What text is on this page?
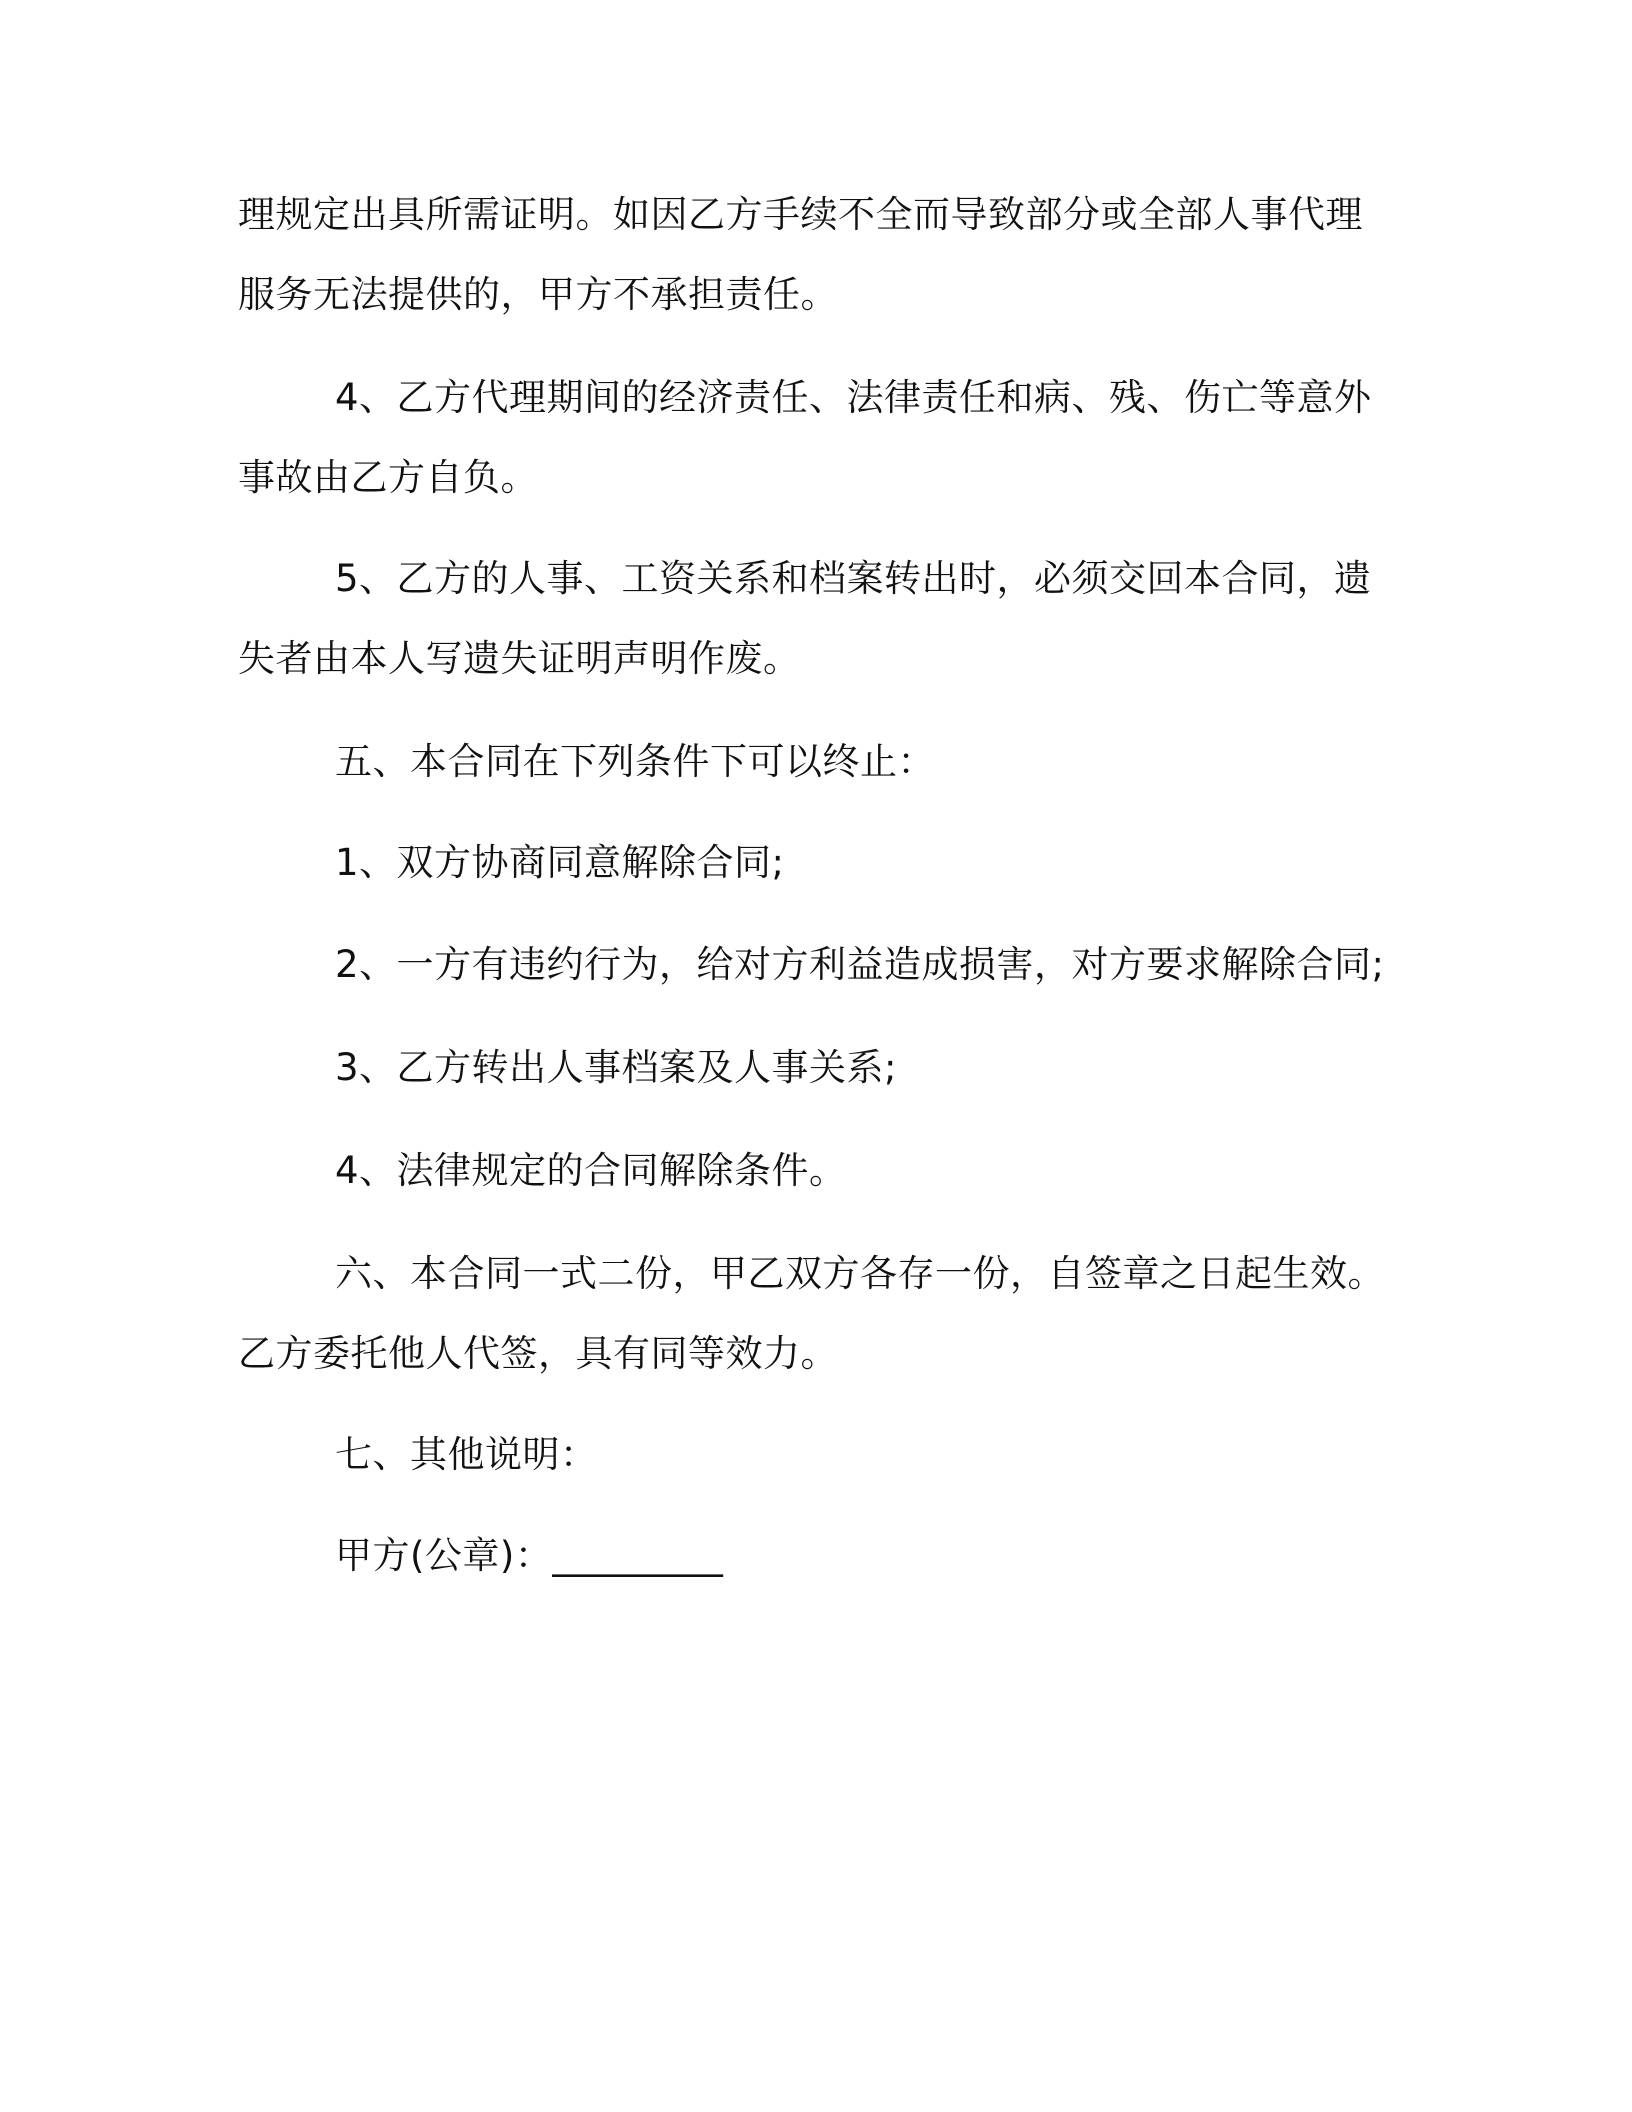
理规定出具所需证明。如因乙方手续不全而导致部分或全部人事代理
服务无法提供的，甲方不承担责任。

4、乙方代理期间的经济责任、法律责任和病、残、伤亡等意外
事故由乙方自负。

5、乙方的人事、工资关系和档案转出时，必须交回本合同，遗
失者由本人写遗失证明声明作废。

五、本合同在下列条件下可以终止：

1、双方协商同意解除合同;

2、一方有违约行为，给对方利益造成损害，对方要求解除合同;

3、乙方转出人事档案及人事关系;

4、法律规定的合同解除条件。

六、本合同一式二份，甲乙双方各存一份，自签章之日起生效。
乙方委托他人代签，具有同等效力。

七、其他说明：

甲方(公章)：_________
